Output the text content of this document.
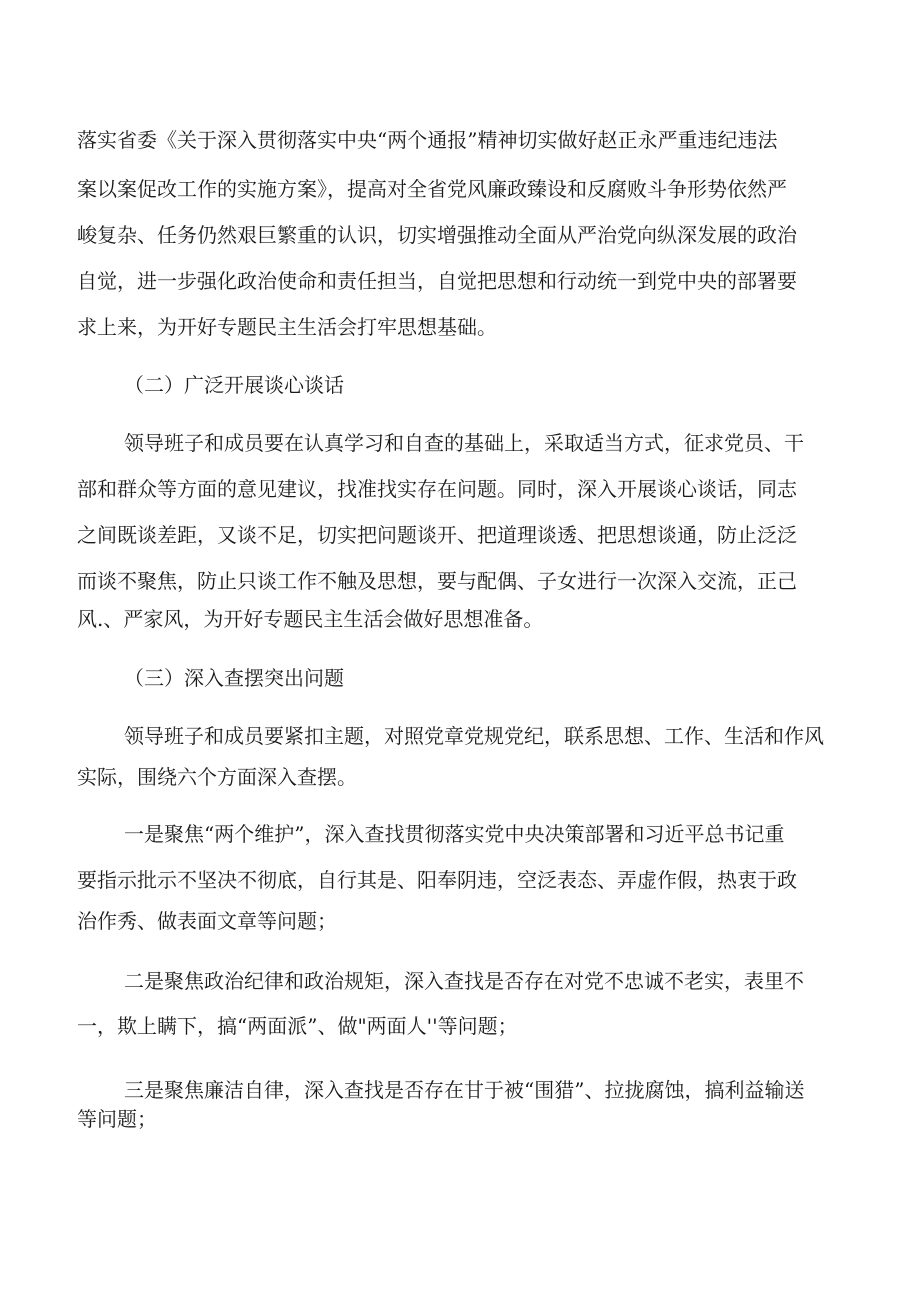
落实省委《关于深入贯彻落实中央“两个通报”精神切实做好赵正永严重违纪违法
案以案促改工作的实施方案》，提高对全省党风廉政臻设和反腐败斗争形势依然严
峻复杂、任务仍然艰巨繁重的认识，切实增强推动全面从严治党向纵深发展的政治
自觉，进一步强化政治使命和责任担当，自觉把思想和行动统一到党中央的部署要
求上来，为开好专题民主生活会打牢思想基础。
（二）广泛开展谈心谈话
领导班子和成员要在认真学习和自查的基础上，采取适当方式，征求党员、干
部和群众等方面的意见建议，找准找实存在问题。同时，深入开展谈心谈话，同志
之间既谈差距，又谈不足，切实把问题谈开、把道理谈透、把思想谈通，防止泛泛
而谈不聚焦，防止只谈工作不触及思想，要与配偶、子女进行一次深入交流，正己
风.、严家风，为开好专题民主生活会做好思想准备。
（三）深入查摆突出问题
领导班子和成员要紧扣主题，对照党章党规党纪，联系思想、工作、生活和作风
实际，围绕六个方面深入查摆。
一是聚焦“两个维护”，深入查找贯彻落实党中央决策部署和习近平总书记重
要指示批示不坚决不彻底，自行其是、阳奉阴违，空泛表态、弄虚作假，热衷于政
治作秀、做表面文章等问题；
二是聚焦政治纪律和政治规矩，深入查找是否存在对党不忠诚不老实，表里不
一，欺上瞒下，搞“两面派”、做"两面人''等问题；
三是聚焦廉洁自律，深入查找是否存在甘于被“围猎”、拉拢腐蚀，搞利益输送
等问题；
